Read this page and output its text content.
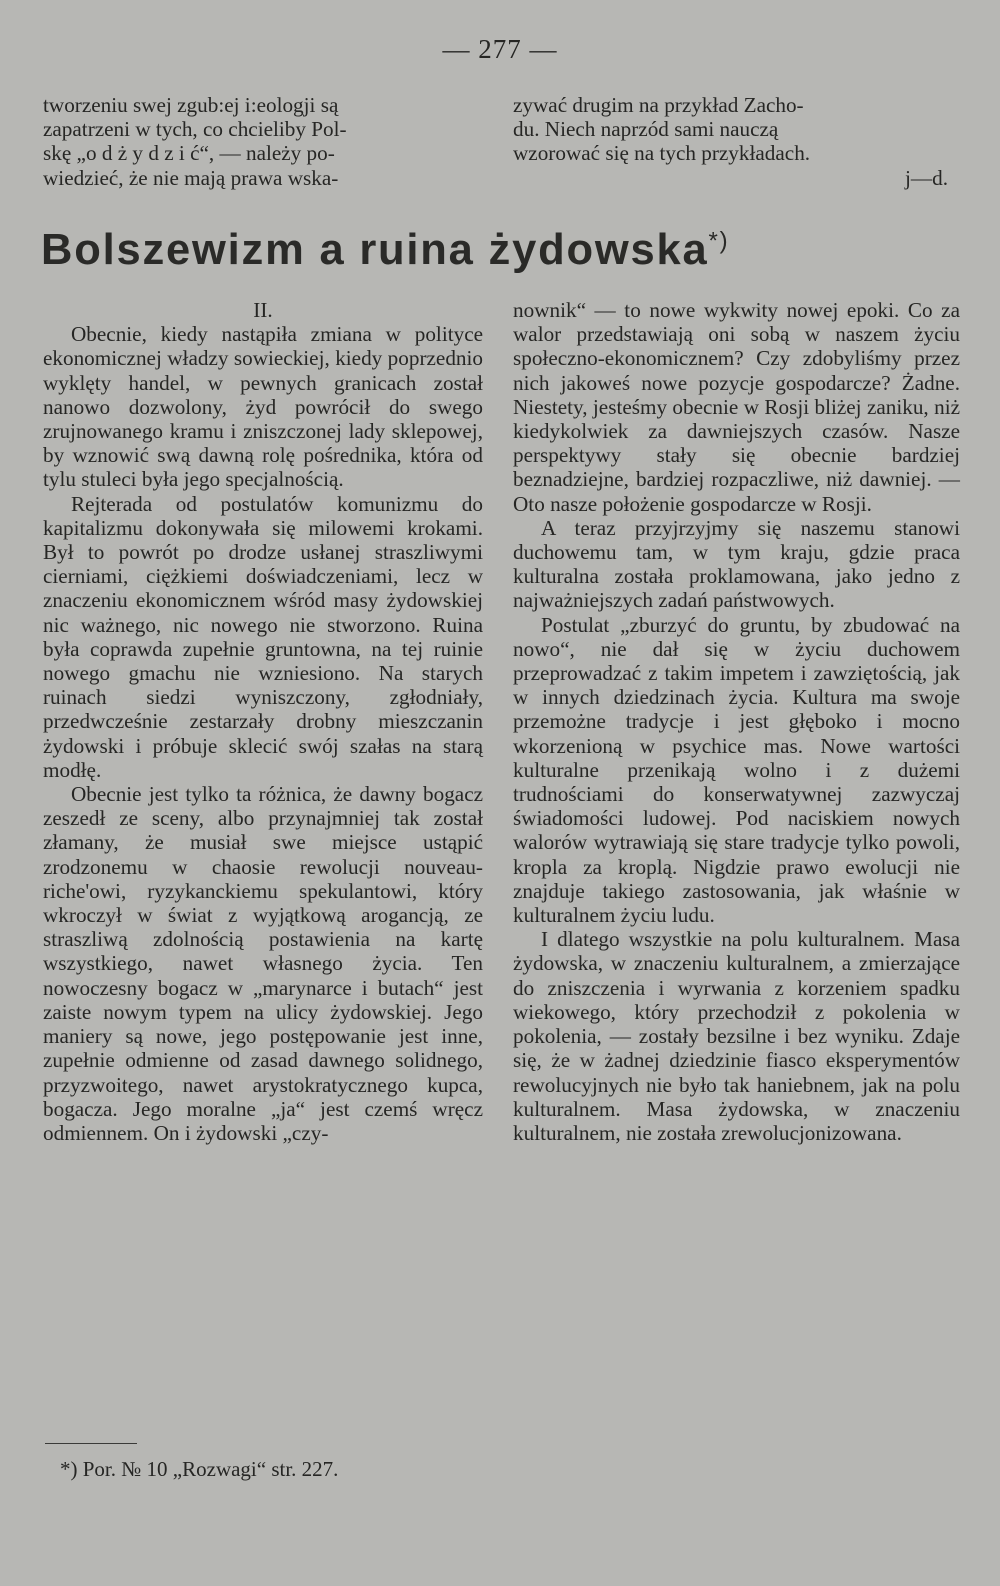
— 277 —

tworzeniu swej zgub:ej i:eologji są

zapatrzeni w tych, co chcieliby Pol-

skę „o d ż y d z i ć“, — należy po-

wiedzieć, że nie mają prawa wska-

zywać drugim na przykład Zacho-

du. Niech naprzód sami nauczą

wzorować się na tych przykładach.

j—d.

Bolszewizm a ruina żydowska*)

II.

Obecnie, kiedy nastąpiła zmiana w polityce ekonomicznej władzy sowieckiej, kiedy poprzednio wyklęty handel, w pewnych granicach został nanowo dozwolony, żyd powrócił do swego zrujnowanego kramu i zniszczonej lady sklepowej, by wznowić swą dawną rolę pośrednika, która od tylu stuleci była jego specjalnością.

Rejterada od postulatów komunizmu do kapitalizmu dokonywała się milowemi krokami. Był to powrót po drodze usłanej straszliwymi cierniami, ciężkiemi doświadczeniami, lecz w znaczeniu ekonomicznem wśród masy żydowskiej nic ważnego, nic nowego nie stworzono. Ruina była coprawda zupełnie gruntowna, na tej ruinie nowego gmachu nie wzniesiono. Na starych ruinach siedzi wyniszczony, zgłodniały, przedwcześnie zestarzały drobny mieszczanin żydowski i próbuje sklecić swój szałas na starą modłę.

Obecnie jest tylko ta różnica, że dawny bogacz zeszedł ze sceny, albo przynajmniej tak został złamany, że musiał swe miejsce ustąpić zrodzonemu w chaosie rewolucji nouveau-riche'owi, ryzykanckiemu spekulantowi, który wkroczył w świat z wyjątkową arogancją, ze straszliwą zdolnością postawienia na kartę wszystkiego, nawet własnego życia. Ten nowoczesny bogacz w „marynarce i butach“ jest zaiste nowym typem na ulicy żydowskiej. Jego maniery są nowe, jego postępowanie jest inne, zupełnie odmienne od zasad dawnego solidnego, przyzwoitego, nawet arystokratycznego kupca, bogacza. Jego moralne „ja“ jest czemś wręcz odmiennem. On i żydowski „czy-

nownik“ — to nowe wykwity nowej epoki. Co za walor przedstawiają oni sobą w naszem życiu społeczno-ekonomicznem? Czy zdobyliśmy przez nich jakoweś nowe pozycje gospodarcze? Żadne. Niestety, jesteśmy obecnie w Rosji bliżej zaniku, niż kiedykolwiek za dawniejszych czasów. Nasze perspektywy stały się obecnie bardziej beznadziejne, bardziej rozpaczliwe, niż dawniej. — Oto nasze położenie gospodarcze w Rosji.

A teraz przyjrzyjmy się naszemu stanowi duchowemu tam, w tym kraju, gdzie praca kulturalna została proklamowana, jako jedno z najważniejszych zadań państwowych.

Postulat „zburzyć do gruntu, by zbudować na nowo“, nie dał się w życiu duchowem przeprowadzać z takim impetem i zawziętością, jak w innych dziedzinach życia. Kultura ma swoje przemożne tradycje i jest głęboko i mocno wkorzenioną w psychice mas. Nowe wartości kulturalne przenikają wolno i z dużemi trudnościami do konserwatywnej zazwyczaj świadomości ludowej. Pod naciskiem nowych walorów wytrawiają się stare tradycje tylko powoli, kropla za kroplą. Nigdzie prawo ewolucji nie znajduje takiego zastosowania, jak właśnie w kulturalnem życiu ludu.

I dlatego wszystkie na polu kulturalnem. Masa żydowska, w znaczeniu kulturalnem, a zmierzające do zniszczenia i wyrwania z korzeniem spadku wiekowego, który przechodził z pokolenia w pokolenia, — zostały bezsilne i bez wyniku. Zdaje się, że w żadnej dziedzinie fiasco eksperymentów rewolucyjnych nie było tak haniebnem, jak na polu kulturalnem. Masa żydowska, w znaczeniu kulturalnem, nie została zrewolucjonizowana.

*) Por. № 10 „Rozwagi“ str. 227.
